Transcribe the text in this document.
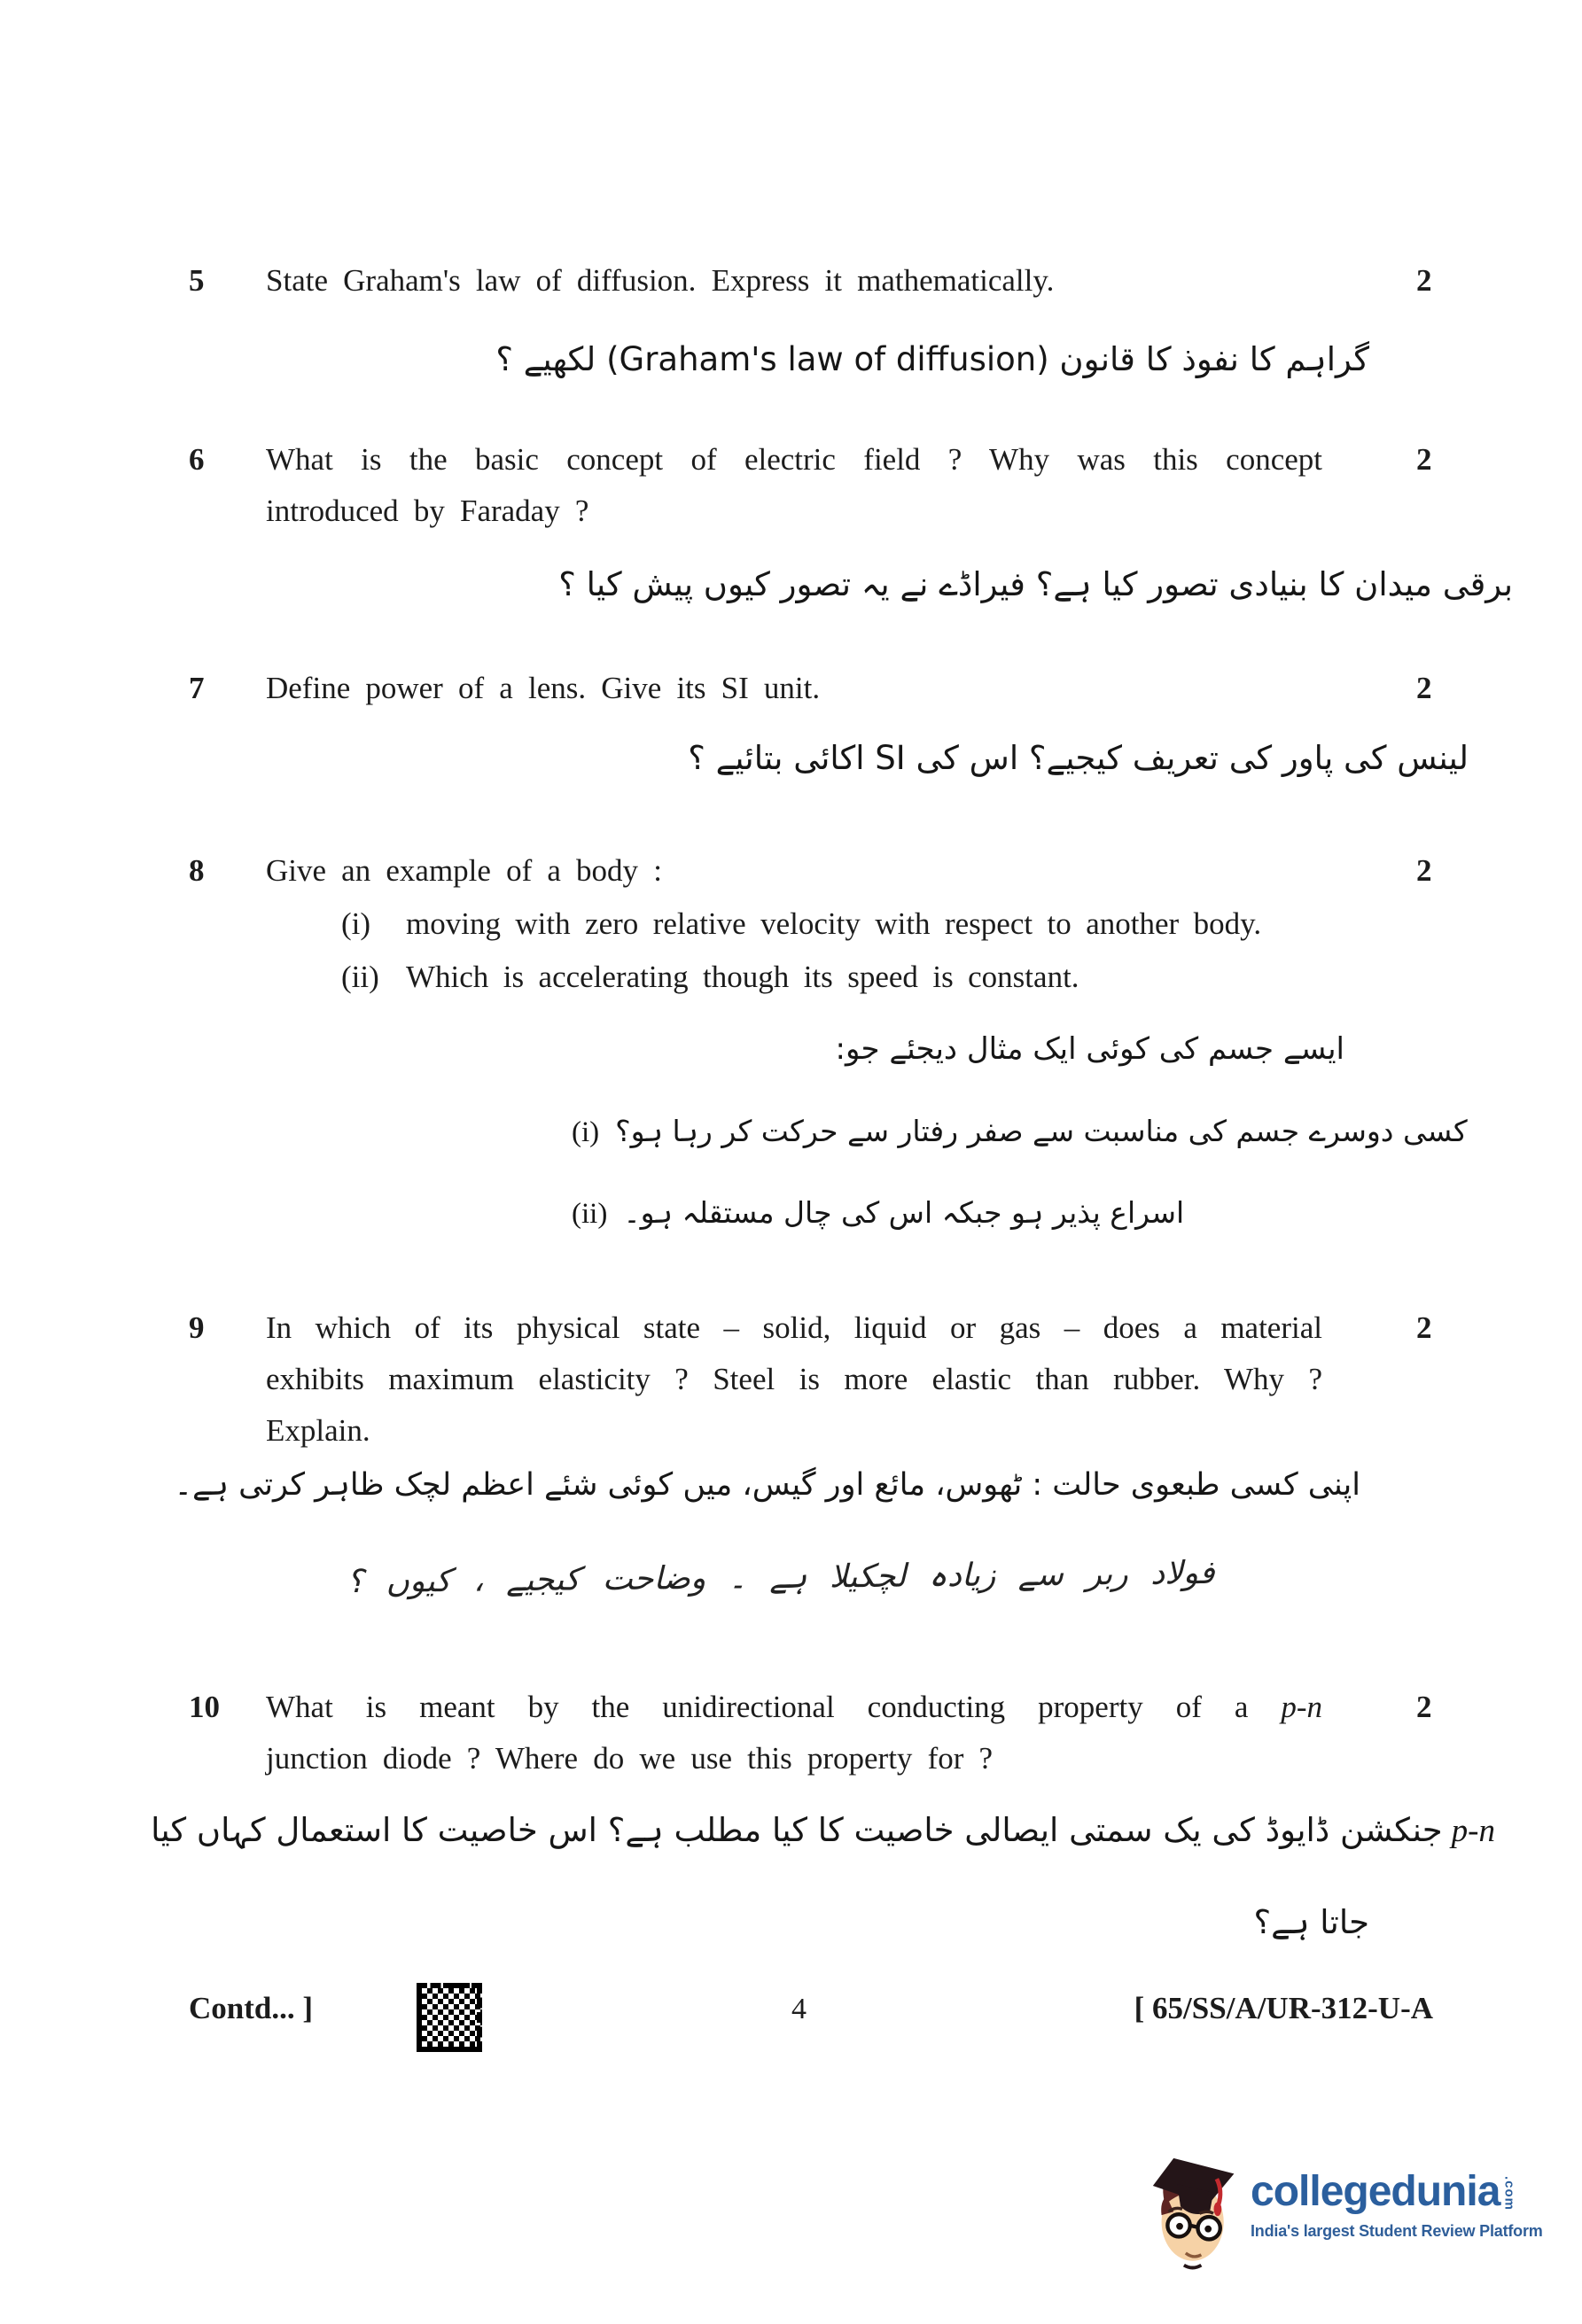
5 State Graham's law of diffusion. Express it mathematically.	2
گراہم کا نفوذ کا قانون (Graham's law of diffusion) لکھیے ؟
6 What is the basic concept of electric field ? Why was this concept
introduced by Faraday ?
2
برقی میدان کا بنیادی تصور کیا ہے؟ فیراڈے نے یہ تصور کیوں پیش کیا ؟
7 Define power of a lens. Give its SI unit.	2
لینس کی پاور کی تعریف کیجیے؟ اس کی SI اکائی بتائیے ؟
8 Give an example of a body :	2
(i) moving with zero relative velocity with respect to another body.
(ii) Which is accelerating though its speed is constant.
ایسے جسم کی کوئی ایک مثال دیجئے جو:
(i) کسی دوسرے جسم کی مناسبت سے صفر رفتار سے حرکت کر رہا ہو؟
(ii) اسراع پذیر ہو جبکہ اس کی چال مستقلہ ہو۔
9 In which of its physical state – solid, liquid or gas – does a material
exhibits maximum elasticity ? Steel is more elastic than rubber. Why ?
Explain.
2
اپنی کسی طبعوی حالت : ٹھوس، مائع اور گیس، میں کوئی شئے اعظم لچک ظاہر کرتی ہے۔
فولاد ربر سے زیادہ لچکیلا ہے ۔ وضاحت کیجیے ، کیوں ؟
10 What is meant by the unidirectional conducting property of a p-n
junction diode ? Where do we use this property for ?
2
p-nجنکشن ڈایوڈ کی یک سمتی ایصالی خاصیت کا کیا مطلب ہے؟ اس خاصیت کا استعمال کہاں کیا
جاتا ہے؟
Contd... ]	4	[ 65/SS/A/UR-312-U-A
collegedunia .com
India's largest Student Review Platform
